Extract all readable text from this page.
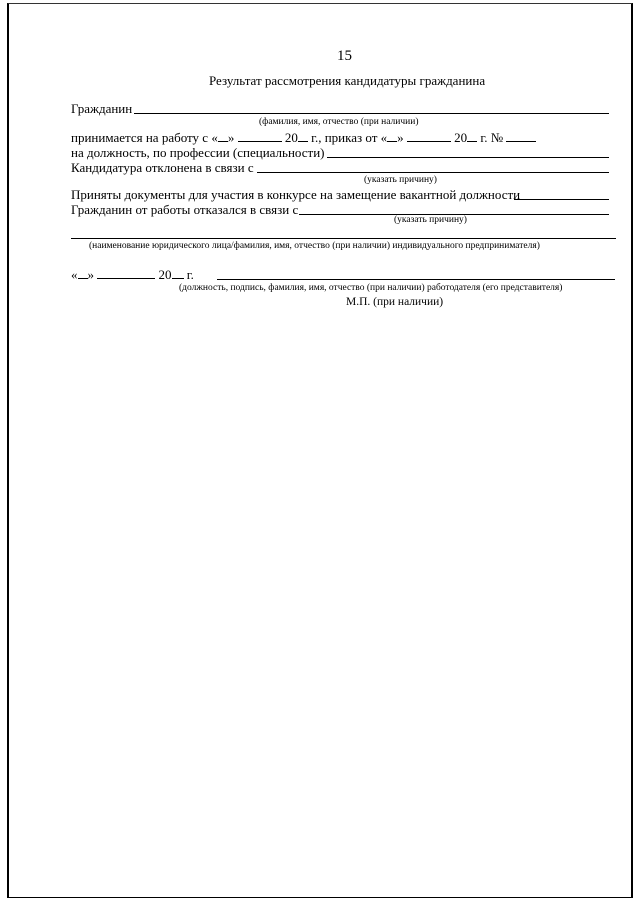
15
Результат рассмотрения кандидатуры гражданина
Гражданин
(фамилия, имя, отчество (при наличии)
принимается на работу с « »	20 г., приказ от « »	20 г. №
на должность, по профессии (специальности)
Кандидатура отклонена в связи с
(указать причину)
Приняты документы для участия в конкурсе на замещение вакантной должности
Гражданин от работы отказался в связи с
(указать причину)
(наименование юридического лица/фамилия, имя, отчество (при наличии) индивидуального предпринимателя)
« »	20 г.
(должность, подпись, фамилия, имя, отчество (при наличии) работодателя (его представителя)
М.П. (при наличии)
